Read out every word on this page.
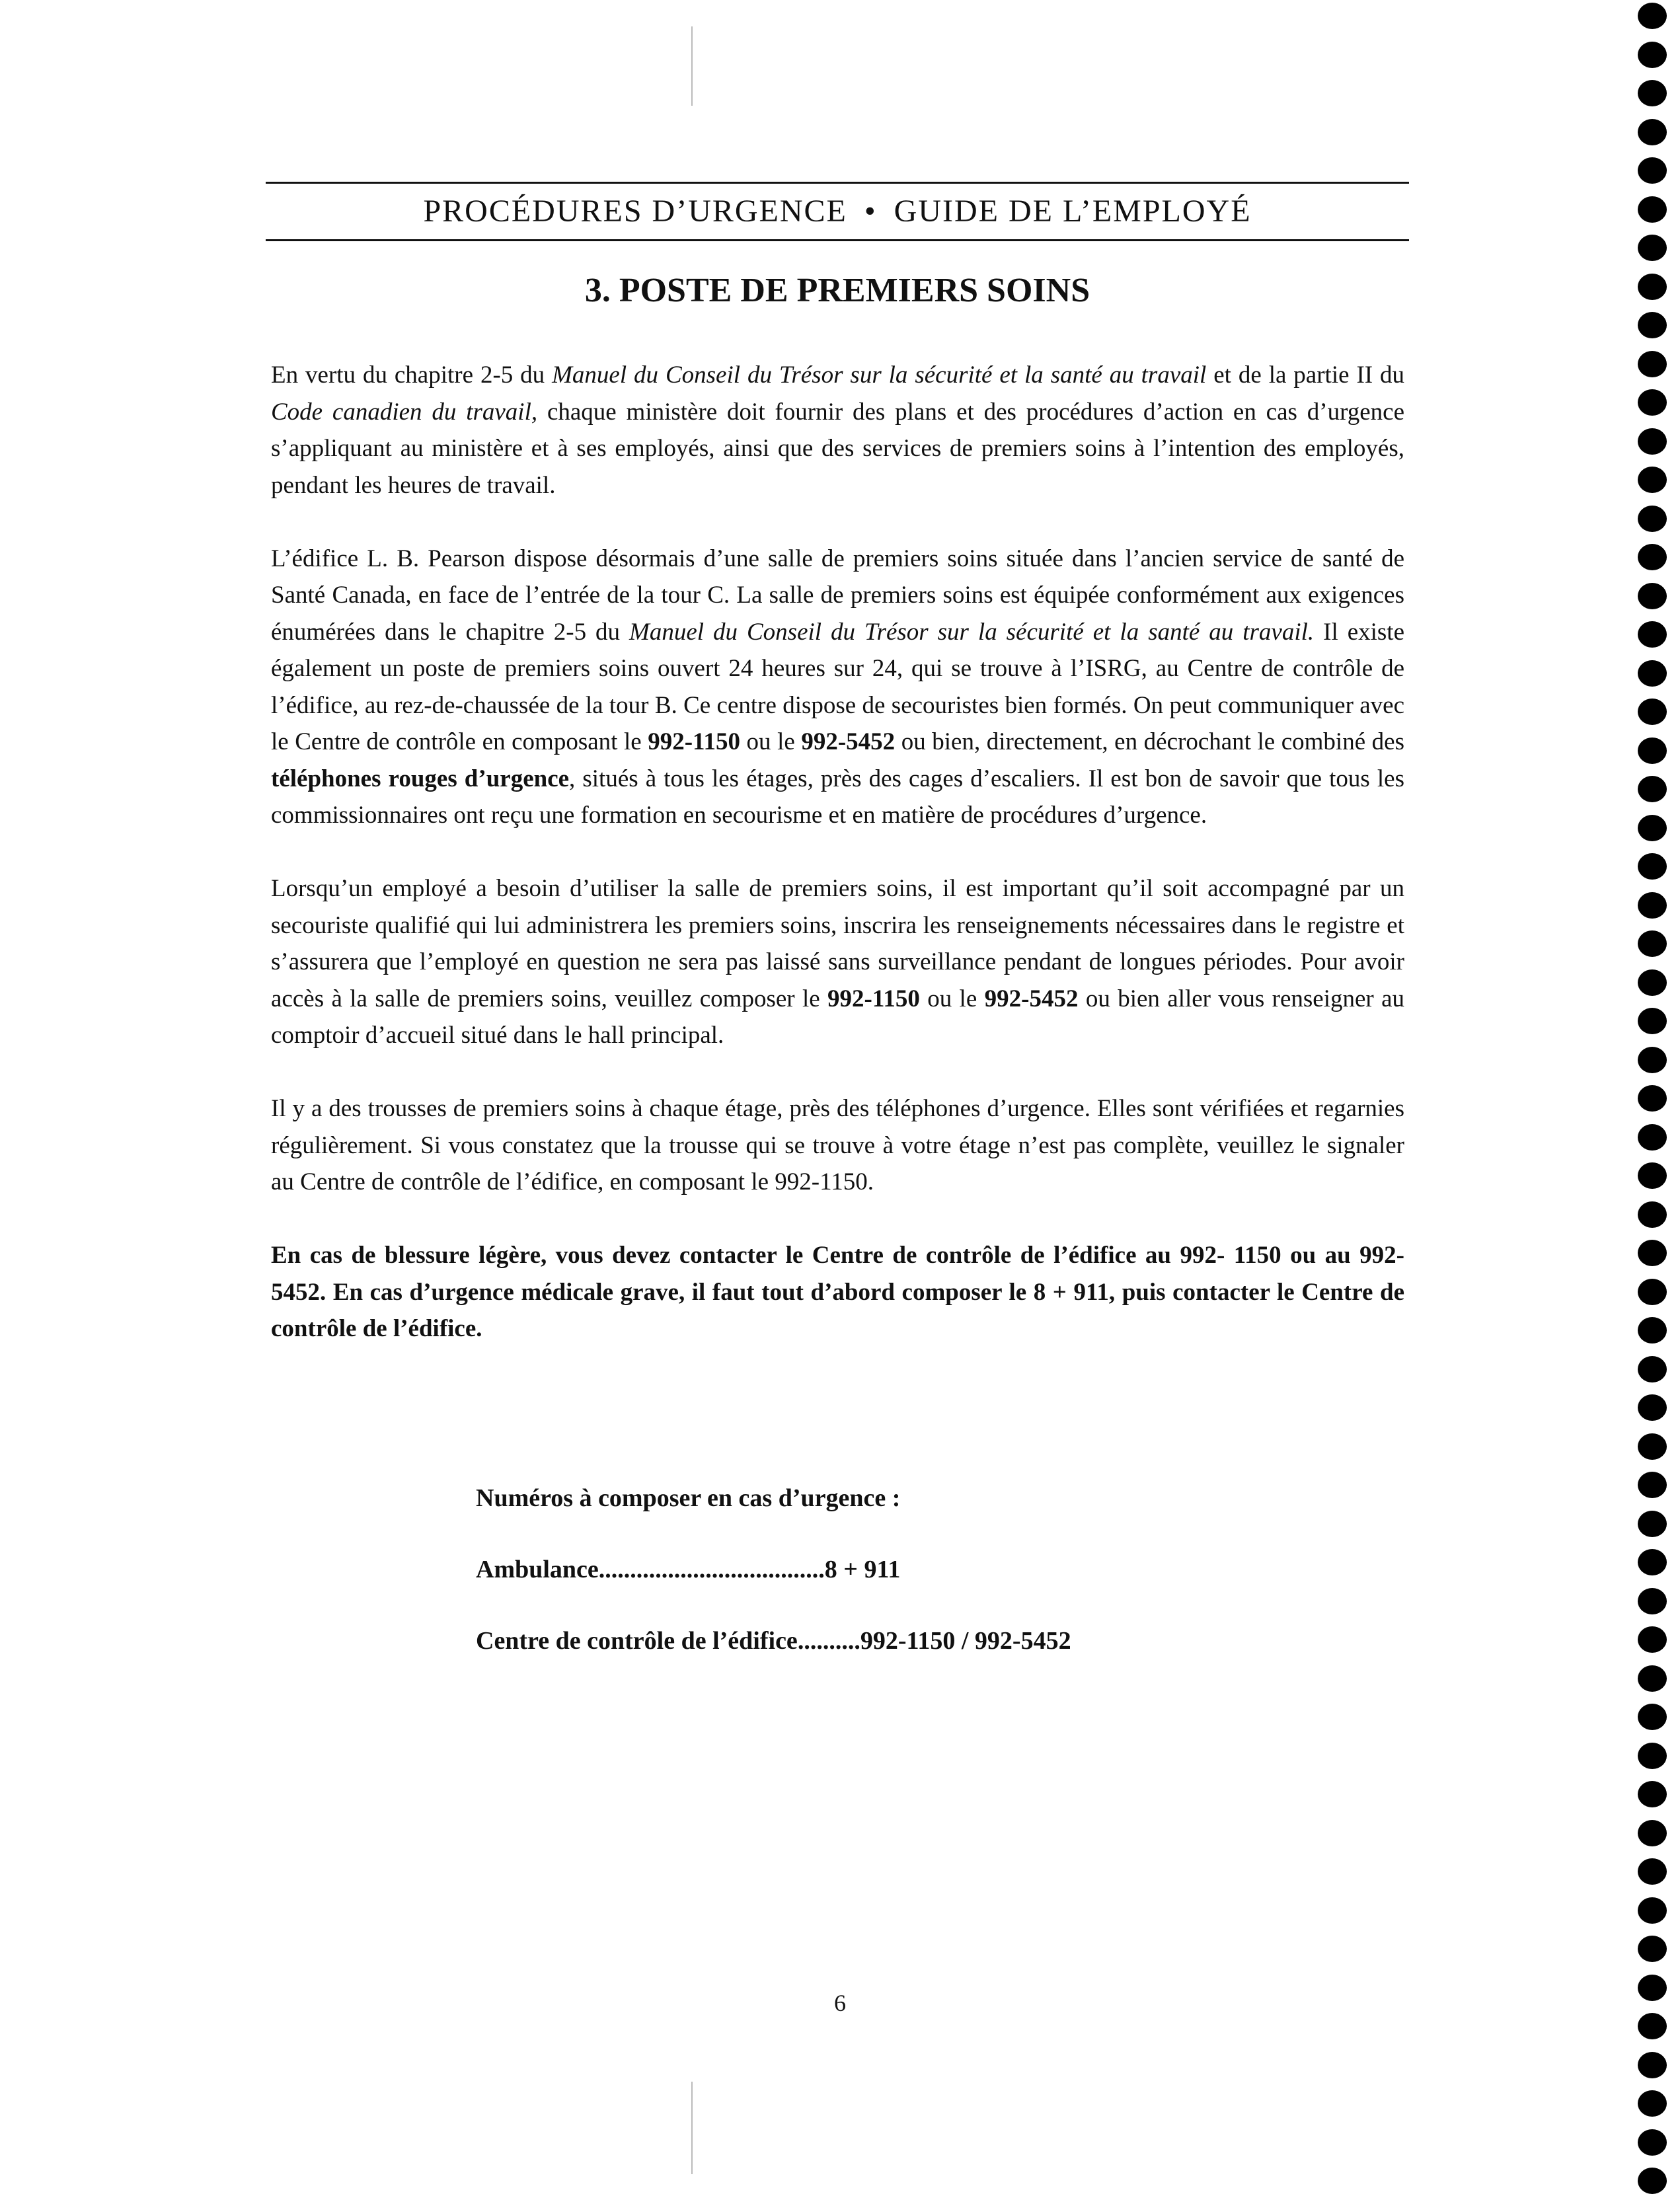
PROCÉDURES D’URGENCE • GUIDE DE L’EMPLOYÉ
3. POSTE DE PREMIERS SOINS

En vertu du chapitre 2-5 du Manuel du Conseil du Trésor sur la sécurité et la santé au travail et de la partie II du Code canadien du travail, chaque ministère doit fournir des plans et des procédures d’action en cas d’urgence s’appliquant au ministère et à ses employés, ainsi que des services de premiers soins à l’intention des employés, pendant les heures de travail.

L’édifice L. B. Pearson dispose désormais d’une salle de premiers soins située dans l’ancien service de santé de Santé Canada, en face de l’entrée de la tour C. La salle de premiers soins est équipée conformément aux exigences énumérées dans le chapitre 2-5 du Manuel du Conseil du Trésor sur la sécurité et la santé au travail. Il existe également un poste de premiers soins ouvert 24 heures sur 24, qui se trouve à l’ISRG, au Centre de contrôle de l’édifice, au rez-de-chaussée de la tour B. Ce centre dispose de secouristes bien formés. On peut communiquer avec le Centre de contrôle en composant le 992-1150 ou le 992-5452 ou bien, directement, en décrochant le combiné des téléphones rouges d’urgence, situés à tous les étages, près des cages d’escaliers. Il est bon de savoir que tous les commissionnaires ont reçu une formation en secourisme et en matière de procédures d’urgence.

Lorsqu’un employé a besoin d’utiliser la salle de premiers soins, il est important qu’il soit accompagné par un secouriste qualifié qui lui administrera les premiers soins, inscrira les renseignements nécessaires dans le registre et s’assurera que l’employé en question ne sera pas laissé sans surveillance pendant de longues périodes. Pour avoir accès à la salle de premiers soins, veuillez composer le 992-1150 ou le 992-5452 ou bien aller vous renseigner au comptoir d’accueil situé dans le hall principal.

Il y a des trousses de premiers soins à chaque étage, près des téléphones d’urgence. Elles sont vérifiées et regarnies régulièrement. Si vous constatez que la trousse qui se trouve à votre étage n’est pas complète, veuillez le signaler au Centre de contrôle de l’édifice, en composant le 992-1150.

En cas de blessure légère, vous devez contacter le Centre de contrôle de l’édifice au 992- 1150 ou au 992-5452. En cas d’urgence médicale grave, il faut tout d’abord composer le 8 + 911, puis contacter le Centre de contrôle de l’édifice.

Numéros à composer en cas d’urgence :
Ambulance....................................8 + 911
Centre de contrôle de l’édifice..........992-1150 / 992-5452
6
